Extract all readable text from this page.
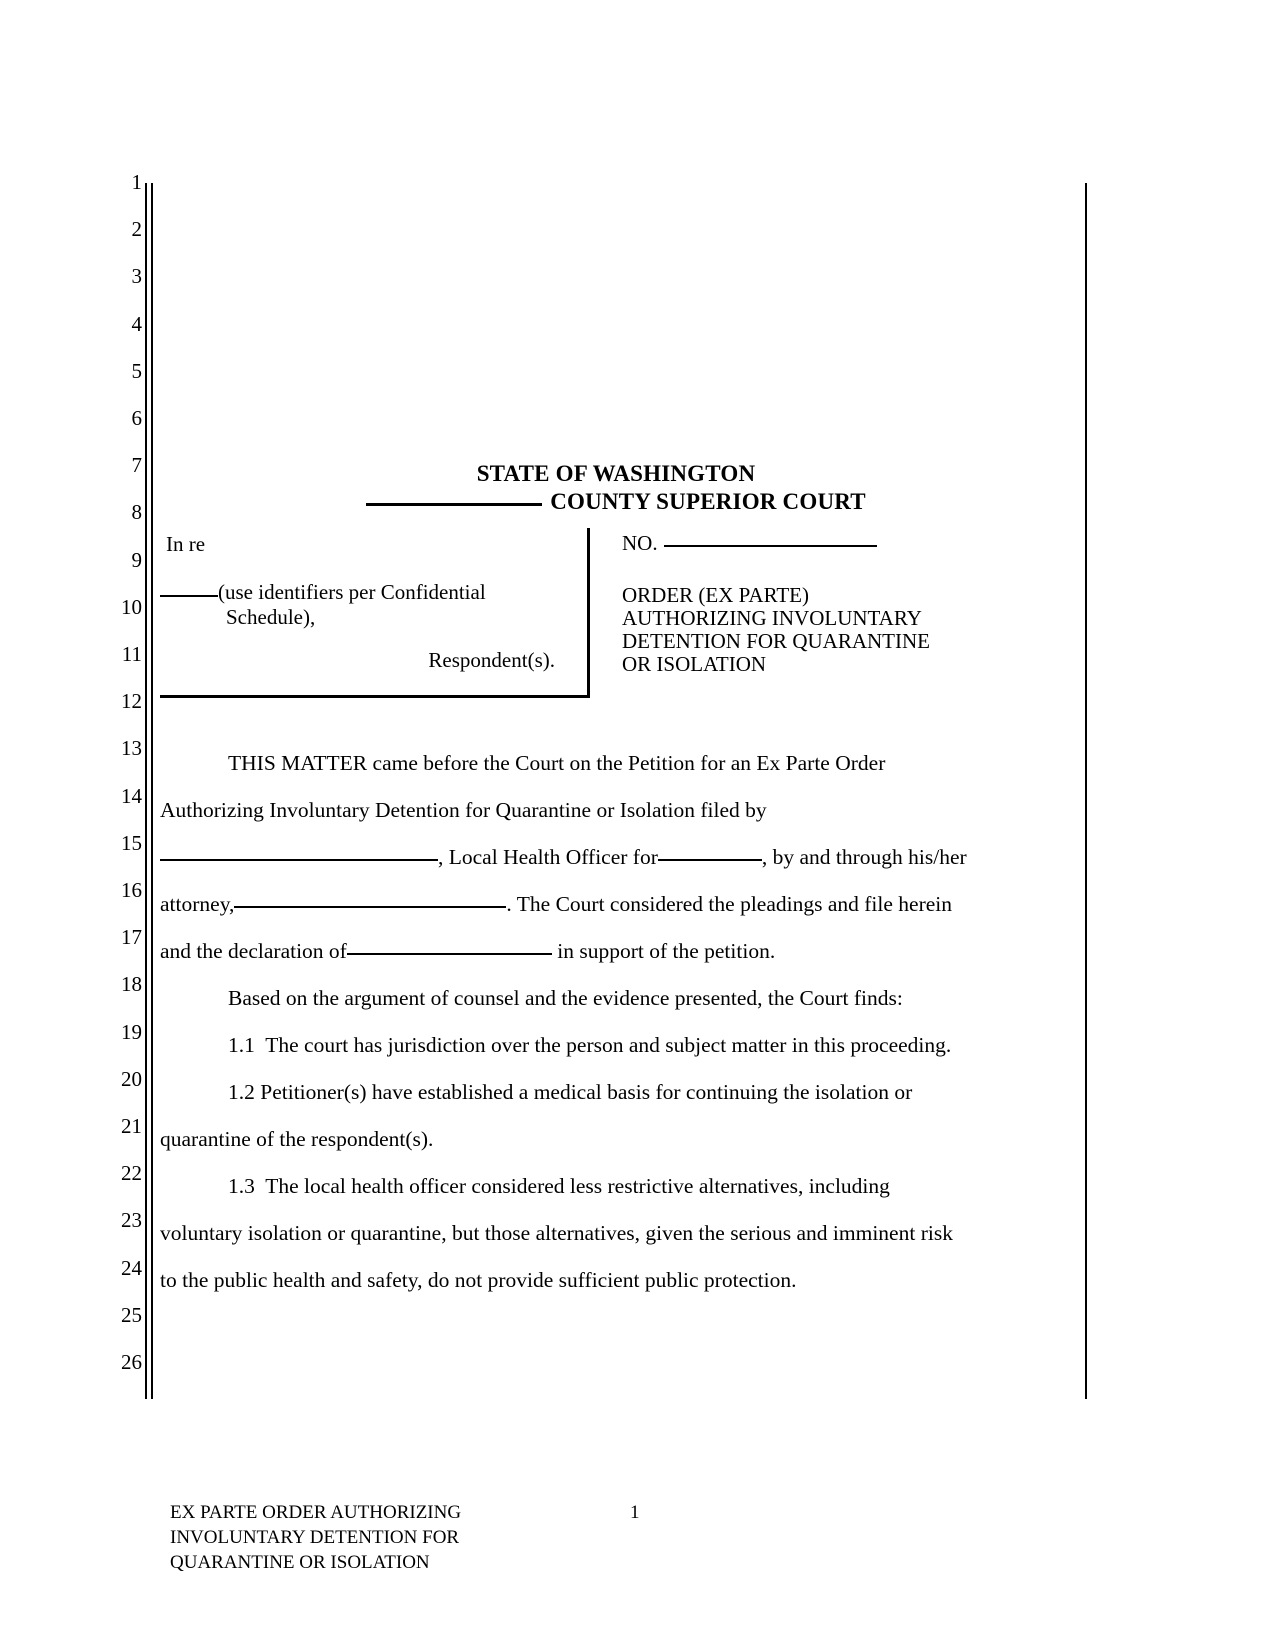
1
2
3
4
5
6
7
8
9
10
11
12
13
14
15
16
17
18
19
20
21
22
23
24
25
26
STATE OF WASHINGTON
COUNTY SUPERIOR COURT
In re
(use identifiers per Confidential
Schedule),
Respondent(s).
NO.
ORDER (EX PARTE)
AUTHORIZING INVOLUNTARY
DETENTION FOR QUARANTINE
OR ISOLATION

THIS MATTER came before the Court on the Petition for an Ex Parte Order

Authorizing Involuntary Detention for Quarantine or Isolation filed by

, Local Health Officer for	, by and through his/her

attorney,	. The Court considered the pleadings and file herein

and the declaration of	in support of the petition.

Based on the argument of counsel and the evidence presented, the Court finds:

1.1 The court has jurisdiction over the person and subject matter in this proceeding.

1.2 Petitioner(s) have established a medical basis for continuing the isolation or

quarantine of the respondent(s).

1.3 The local health officer considered less restrictive alternatives, including

voluntary isolation or quarantine, but those alternatives, given the serious and imminent risk

to the public health and safety, do not provide sufficient public protection.

EX PARTE ORDER AUTHORIZING
INVOLUNTARY DETENTION FOR
QUARANTINE OR ISOLATION
1
